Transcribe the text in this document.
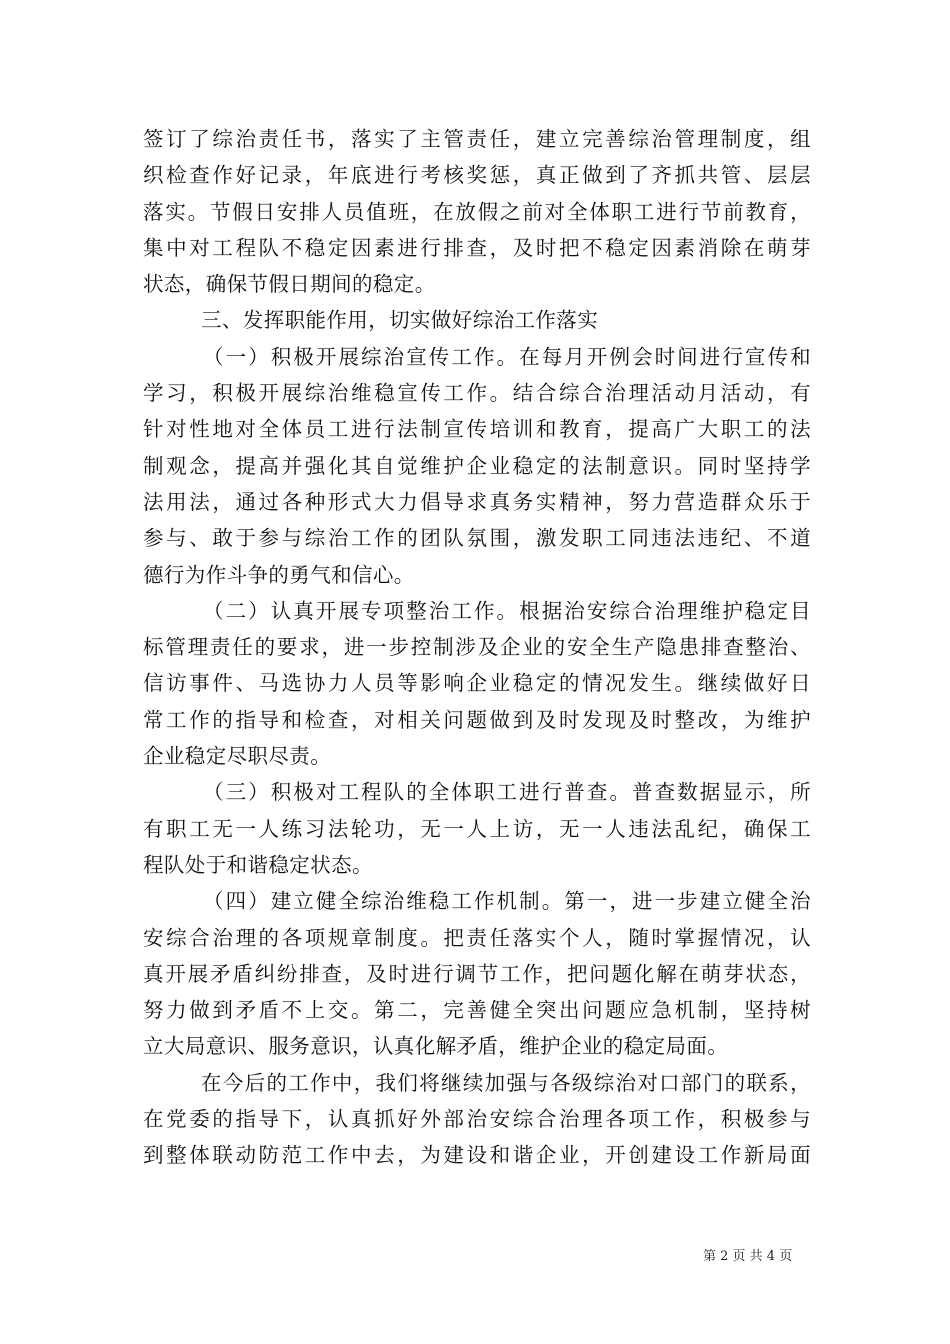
签订了综治责任书，落实了主管责任，建立完善综治管理制度，组
织检查作好记录，年底进行考核奖惩，真正做到了齐抓共管、层层
落实。节假日安排人员值班，在放假之前对全体职工进行节前教育，
集中对工程队不稳定因素进行排查，及时把不稳定因素消除在萌芽
状态，确保节假日期间的稳定。
三、发挥职能作用，切实做好综治工作落实
（一）积极开展综治宣传工作。在每月开例会时间进行宣传和
学习，积极开展综治维稳宣传工作。结合综合治理活动月活动，有
针对性地对全体员工进行法制宣传培训和教育，提高广大职工的法
制观念，提高并强化其自觉维护企业稳定的法制意识。同时坚持学
法用法，通过各种形式大力倡导求真务实精神，努力营造群众乐于
参与、敢于参与综治工作的团队氛围，激发职工同违法违纪、不道
德行为作斗争的勇气和信心。
（二）认真开展专项整治工作。根据治安综合治理维护稳定目
标管理责任的要求，进一步控制涉及企业的安全生产隐患排查整治、
信访事件、马选协力人员等影响企业稳定的情况发生。继续做好日
常工作的指导和检查，对相关问题做到及时发现及时整改，为维护
企业稳定尽职尽责。
（三）积极对工程队的全体职工进行普查。普查数据显示，所
有职工无一人练习法轮功，无一人上访，无一人违法乱纪，确保工
程队处于和谐稳定状态。
（四）建立健全综治维稳工作机制。第一，进一步建立健全治
安综合治理的各项规章制度。把责任落实个人，随时掌握情况，认
真开展矛盾纠纷排查，及时进行调节工作，把问题化解在萌芽状态，
努力做到矛盾不上交。第二，完善健全突出问题应急机制，坚持树
立大局意识、服务意识，认真化解矛盾，维护企业的稳定局面。
在今后的工作中，我们将继续加强与各级综治对口部门的联系，
在党委的指导下，认真抓好外部治安综合治理各项工作，积极参与
到整体联动防范工作中去，为建设和谐企业，开创建设工作新局面
第 2 页 共 4 页
